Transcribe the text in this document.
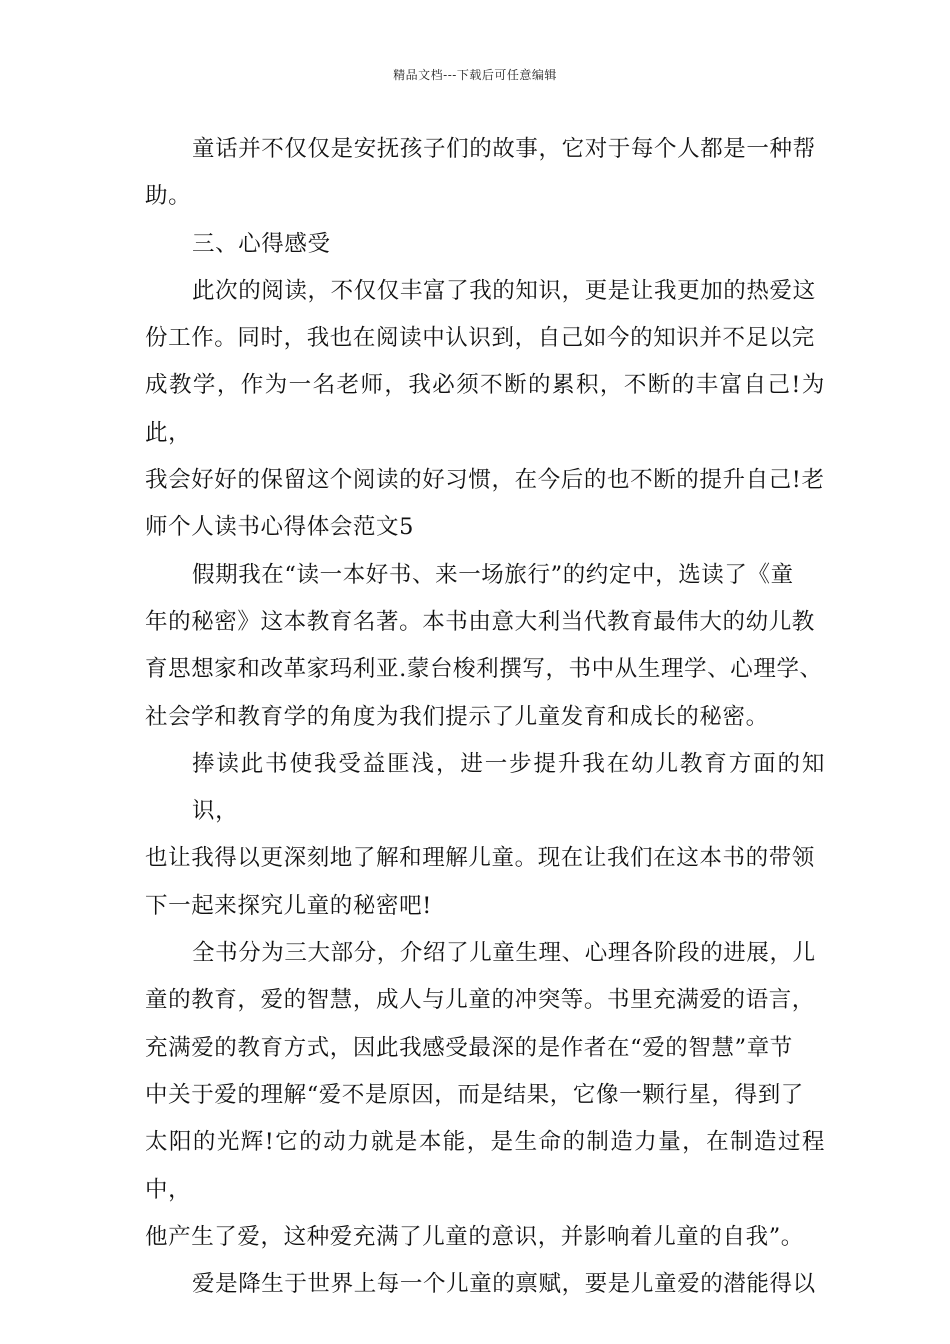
精品文档---下载后可任意编辑

童话并不仅仅是安抚孩子们的故事，它对于每个人都是一种帮

助。

三、心得感受

此次的阅读，不仅仅丰富了我的知识，更是让我更加的热爱这

份工作。同时，我也在阅读中认识到，自己如今的知识并不足以完

成教学，作为一名老师，我必须不断的累积，不断的丰富自己!为此，

我会好好的保留这个阅读的好习惯，在今后的也不断的提升自己!老

师个人读书心得体会范文5

假期我在“读一本好书、来一场旅行”的约定中，选读了《童

年的秘密》这本教育名著。本书由意大利当代教育最伟大的幼儿教

育思想家和改革家玛利亚.蒙台梭利撰写，书中从生理学、心理学、

社会学和教育学的角度为我们提示了儿童发育和成长的秘密。

捧读此书使我受益匪浅，进一步提升我在幼儿教育方面的知识，

也让我得以更深刻地了解和理解儿童。现在让我们在这本书的带领

下一起来探究儿童的秘密吧!

全书分为三大部分，介绍了儿童生理、心理各阶段的进展，儿

童的教育，爱的智慧，成人与儿童的冲突等。书里充满爱的语言，

充满爱的教育方式，因此我感受最深的是作者在“爱的智慧”章节

中关于爱的理解“爱不是原因，而是结果，它像一颗行星，得到了

太阳的光辉!它的动力就是本能，是生命的制造力量，在制造过程中，

他产生了爱，这种爱充满了儿童的意识，并影响着儿童的自我”。

爱是降生于世界上每一个儿童的禀赋，要是儿童爱的潜能得以
